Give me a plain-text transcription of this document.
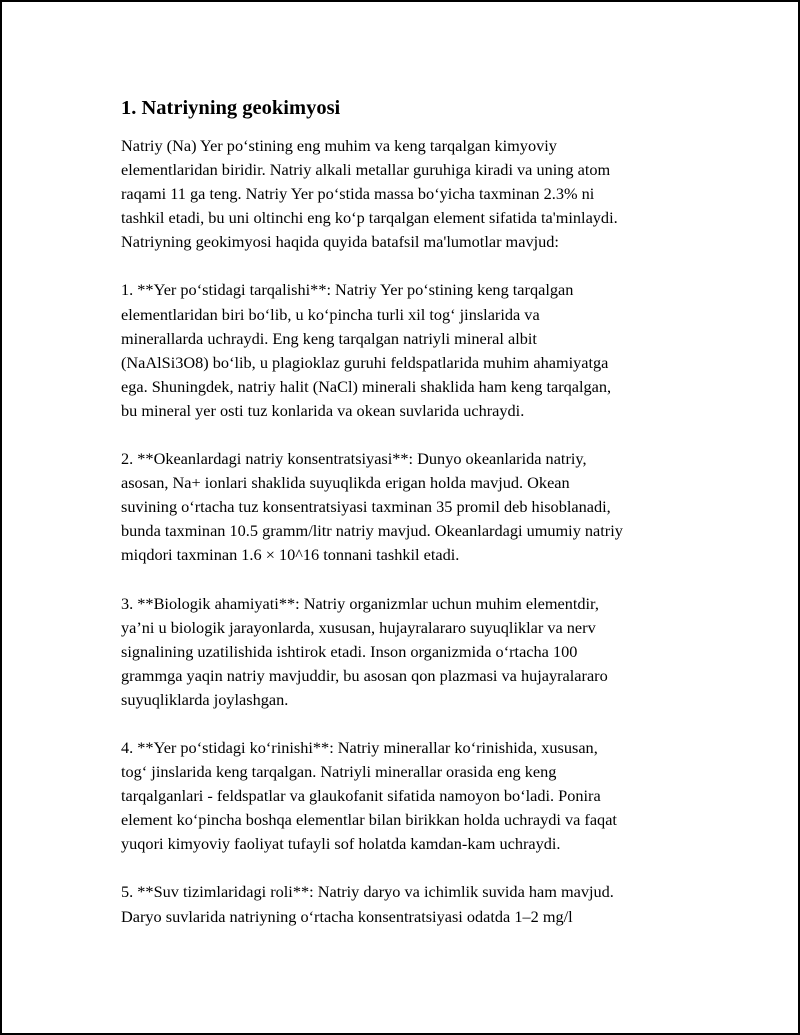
1. Natriyning geokimyosi

Natriy (Na) Yer po‘stining eng muhim va keng tarqalgan kimyoviy
elementlaridan biridir. Natriy alkali metallar guruhiga kiradi va uning atom
raqami 11 ga teng. Natriy Yer po‘stida massa bo‘yicha taxminan 2.3% ni
tashkil etadi, bu uni oltinchi eng ko‘p tarqalgan element sifatida ta'minlaydi.
Natriyning geokimyosi haqida quyida batafsil ma'lumotlar mavjud:

1. **Yer po‘stidagi tarqalishi**: Natriy Yer po‘stining keng tarqalgan
elementlaridan biri bo‘lib, u ko‘pincha turli xil tog‘ jinslarida va
minerallarda uchraydi. Eng keng tarqalgan natriyli mineral albit
(NaAlSi3O8) bo‘lib, u plagioklaz guruhi feldspatlarida muhim ahamiyatga
ega. Shuningdek, natriy halit (NaCl) minerali shaklida ham keng tarqalgan,
bu mineral yer osti tuz konlarida va okean suvlarida uchraydi.

2. **Okeanlardagi natriy konsentratsiyasi**: Dunyo okeanlarida natriy,
asosan, Na+ ionlari shaklida suyuqlikda erigan holda mavjud. Okean
suvining o‘rtacha tuz konsentratsiyasi taxminan 35 promil deb hisoblanadi,
bunda taxminan 10.5 gramm/litr natriy mavjud. Okeanlardagi umumiy natriy
miqdori taxminan 1.6 × 10^16 tonnani tashkil etadi.

3. **Biologik ahamiyati**: Natriy organizmlar uchun muhim elementdir,
ya’ni u biologik jarayonlarda, xususan, hujayralararo suyuqliklar va nerv
signalining uzatilishida ishtirok etadi. Inson organizmida o‘rtacha 100
grammga yaqin natriy mavjuddir, bu asosan qon plazmasi va hujayralararo
suyuqliklarda joylashgan.

4. **Yer po‘stidagi ko‘rinishi**: Natriy minerallar ko‘rinishida, xususan,
tog‘ jinslarida keng tarqalgan. Natriyli minerallar orasida eng keng
tarqalganlari - feldspatlar va glaukofanit sifatida namoyon bo‘ladi. Ponira
element ko‘pincha boshqa elementlar bilan birikkan holda uchraydi va faqat
yuqori kimyoviy faoliyat tufayli sof holatda kamdan-kam uchraydi.

5. **Suv tizimlaridagi roli**: Natriy daryo va ichimlik suvida ham mavjud.
Daryo suvlarida natriyning o‘rtacha konsentratsiyasi odatda 1–2 mg/l
